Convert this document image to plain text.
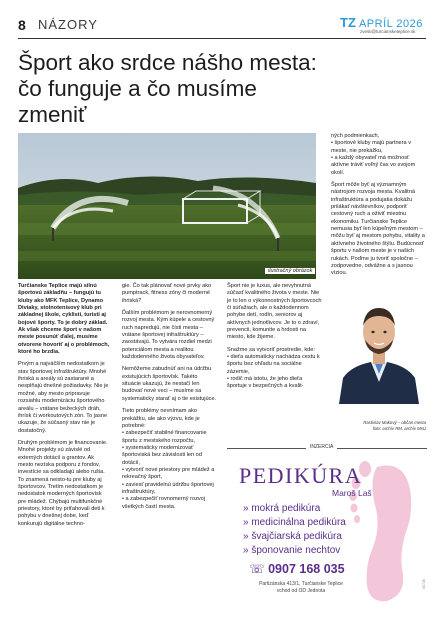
8 NÁZORY	TZ APRÍL 2026
zvesti@turciansketeplice.sk
Šport ako srdce nášho mesta:
čo funguje a čo musíme zmeniť
ilustračný obrázok

Turčianske Teplice majú silnú športovú základňu – fungujú tu kluby ako MFK Teplice, Dynamo Diviaky, stolnotenisový klub pri základnej škole, cyklisti, turisti aj bojové športy. To je dobrý základ. Ak však chceme šport v našom meste posunúť ďalej, musíme otvorene hovoriť aj o problémoch, ktoré ho brzdia.

Prvým a najväčším nedostatkom je stav športovej infraštruktúry. Mnohé ihriská a areály sú zastarané a nesplňajú dnešné požiadavky. Nie je možné, aby mesto pripravuje rozsiahlu modernizáciu športového areálu – vrátane bežeckých dráh, ihrísk či workoutových zón. To jasne ukazuje, že súčasný stav nie je dostatočný.

Druhým problémom je financovanie. Mnohé projekty sú závislé od externých dotácií a grantov. Ak mesto nezíska podporu z fondov, investície sa odkladajú alebo rušia. To znamená neisto-tu pre kluby aj športovcov. Tretím nedostatkom je nedostatok moderných športovísk pre mládež. Chýbajú multifunkčné priestory, ktoré by priťahovali deti k pohybu v dnešnej dobe, keď konkurujú digitálne techno-

gie. Čo tak plánovať nové prvky ako pumptrack, fitness zóny či moderné ihriská?

Ďalším problémom je nerovnomerný rozvoj mesta. Kým kúpele a cestovný ruch napredujú, nie čísti mesta – vrátane športovej infraštruktúry – zaostávajú. To vytvára rozdiel medzi potenciálom mesta a realitou každodenného života obyvateľov.

Nemôžeme zabudnúť ani na údržbu existujúcich športovísk. Takéto situácie ukazujú, že nestačí len budovať nové veci – musíme sa systematicky starať aj o tie existujúce.

Tieto problémy nevnímam ako prekážku, ale ako výzvu, kde je potrebné:

• zabezpečiť stabilné financovanie športu z mestského rozpočtu,

• systematicky modernizovať športoviská bez závislosti len od dotácií,

• vytvoriť nové priestory pre mládež a rekreačný šport,

• zaviesť pravidelnú údržbu športovej infraštruktúry,

• a zabezpečiť rovnomerný rozvoj všetkých častí mesta.

Šport nie je luxus, ale nevyhnutná súčasť kvalitného života v meste. Nie je to len o výkonnostných športovcoch či súťažiach, ale o každodennom pohybe detí, rodín, seniorov aj aktívnych jednotlivcov. Je to o zdraví, prevencii, komunite a hrdosti na miesto, kde žijeme.

Snažme sa vytvoriť prostredie, kde:

• dieťa automaticky nachádza cestu k športu bez ohľadu na sociálne zázemie,

• rodič má istotu, že jeho dieťa športuje v bezpečných a kvalit-

ných podmienkach,

• športové kluby majú partnera v meste, nie prekážku,

• a každý obyvateľ má možnosť aktívne tráviť voľný čas vo svojom okolí.

Šport môže byť aj významným nástrojom rozvoja mesta. Kvalitná infraštruktúra a podujatia dokážu prilákať návštevníkov, podporiť cestovný ruch a oživiť miestnu ekonomiku. Turčianske Teplice nemusia byť len kúpeľným mestom – môžu byť aj mestom pohybu, vitality a aktívneho životného štýlu. Budúcnosť športu v našom meste je v našich rukách. Poďme ju tvoriť spoločne – zodpovedne, odvážne a s jasnou víziou.

Rastislav Makový – občan mesta
foto: archív RM, archív MsÚ
INZERCIA
PEDIKÚRA
Maroš Laš
» mokrá pedikúra
» medicinálna pedikúra
» švajčiarská pedikúra
» šponovanie nechtov
☏ 0907 168 035
Partizánska 413/1, Turčianske Teplice
vchod od OD Jednota
00726
